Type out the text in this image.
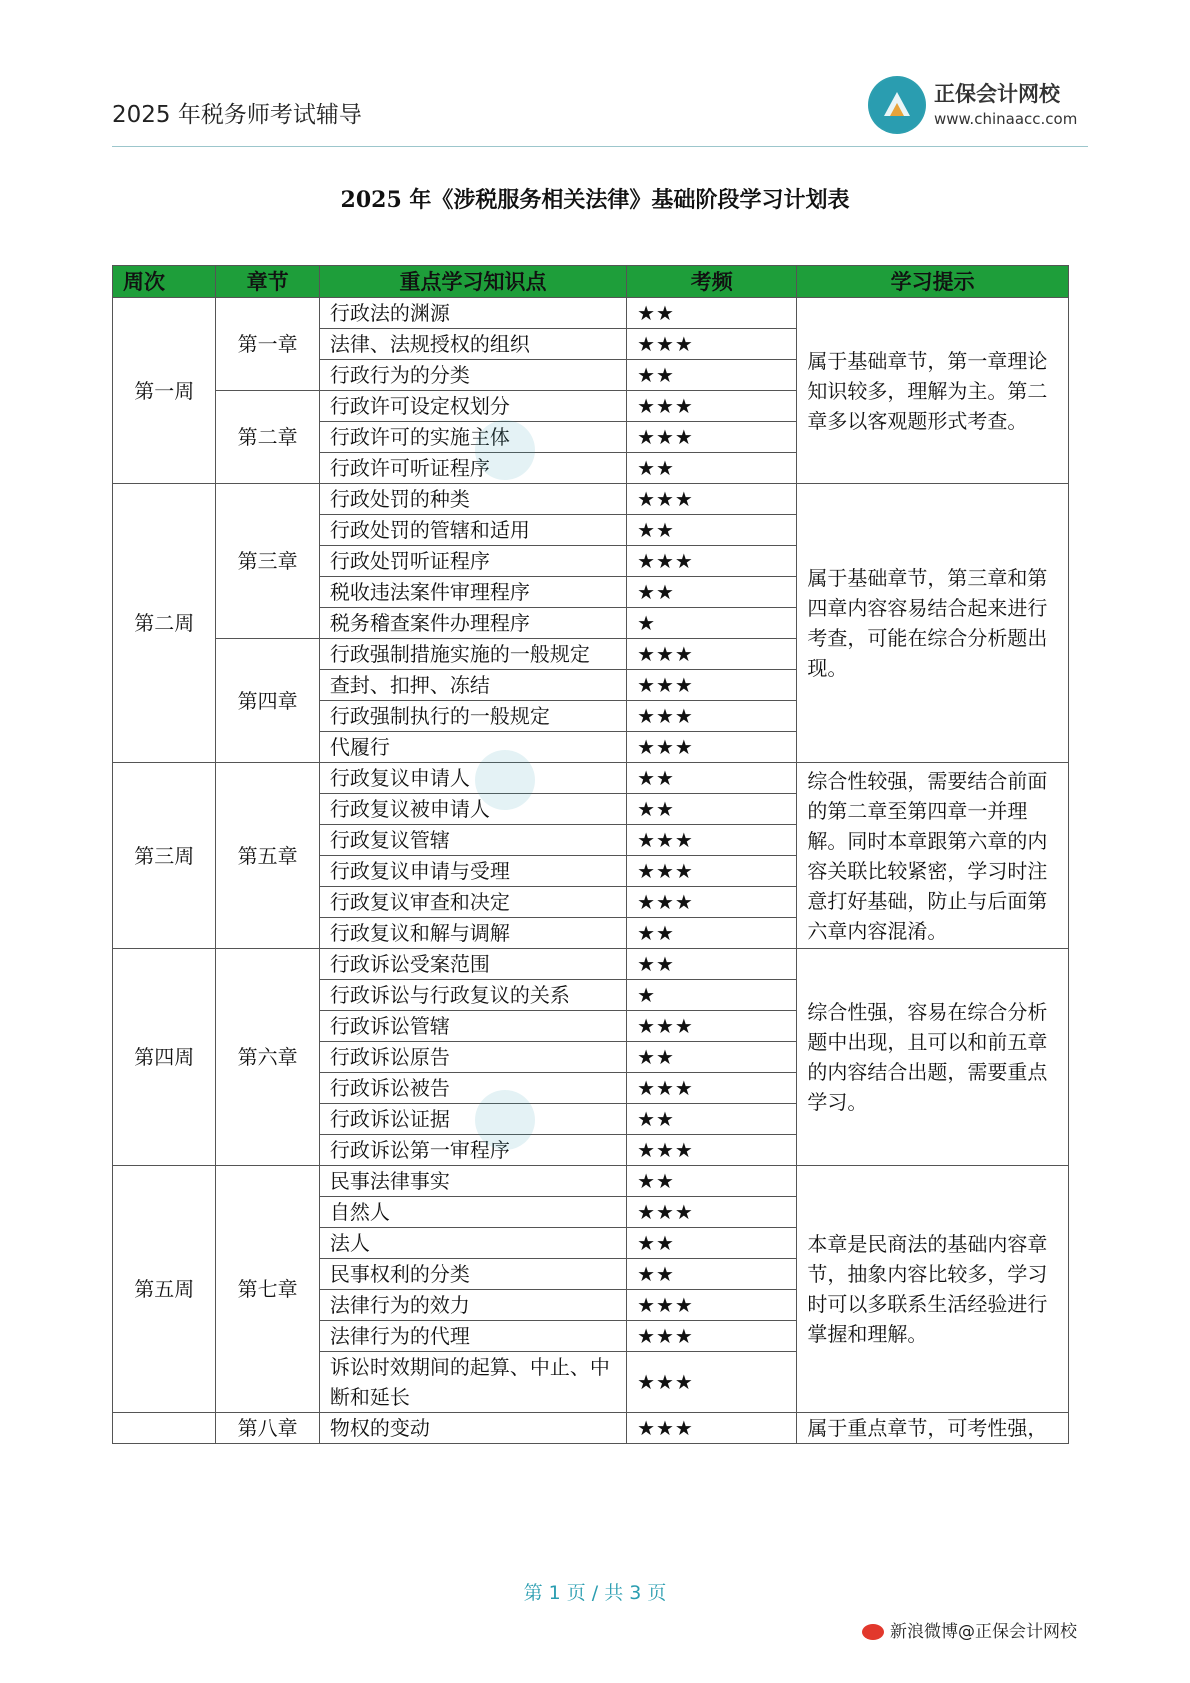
2025 年税务师考试辅导
正保会计网校
www.chinaacc.com
2025 年《涉税服务相关法律》基础阶段学习计划表
周次	章节	重点学习知识点	考频	学习提示
第一周	第一章	行政法的渊源	★★	属于基础章节，第一章理论知识较多，理解为主。第二章多以客观题形式考查。
		法律、法规授权的组织	★★★	
		行政行为的分类	★★	
	第二章	行政许可设定权划分	★★★	
		行政许可的实施主体	★★★	
		行政许可听证程序	★★	
第二周	第三章	行政处罚的种类	★★★	属于基础章节，第三章和第四章内容容易结合起来进行考查，可能在综合分析题出现。
		行政处罚的管辖和适用	★★	
		行政处罚听证程序	★★★	
		税收违法案件审理程序	★★	
		税务稽查案件办理程序	★	
	第四章	行政强制措施实施的一般规定	★★★	
		查封、扣押、冻结	★★★	
		行政强制执行的一般规定	★★★	
		代履行	★★★	
第三周	第五章	行政复议申请人	★★	综合性较强，需要结合前面的第二章至第四章一并理解。同时本章跟第六章的内容关联比较紧密，学习时注意打好基础，防止与后面第六章内容混淆。
		行政复议被申请人	★★	
		行政复议管辖	★★★	
		行政复议申请与受理	★★★	
		行政复议审查和决定	★★★	
		行政复议和解与调解	★★	
第四周	第六章	行政诉讼受案范围	★★	综合性强，容易在综合分析题中出现，且可以和前五章的内容结合出题，需要重点学习。
		行政诉讼与行政复议的关系	★	
		行政诉讼管辖	★★★	
		行政诉讼原告	★★	
		行政诉讼被告	★★★	
		行政诉讼证据	★★	
		行政诉讼第一审程序	★★★	
第五周	第七章	民事法律事实	★★	本章是民商法的基础内容章节，抽象内容比较多，学习时可以多联系生活经验进行掌握和理解。
		自然人	★★★	
		法人	★★	
		民事权利的分类	★★	
		法律行为的效力	★★★	
		法律行为的代理	★★★	
		诉讼时效期间的起算、中止、中断和延长	★★★	
	第八章	物权的变动	★★★	属于重点章节，可考性强，
第 1 页 / 共 3 页
新浪微博@正保会计网校
